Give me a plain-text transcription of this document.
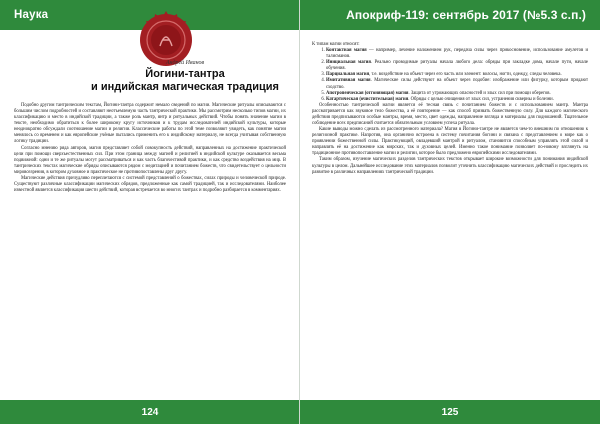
Наука
Андрей Иванов
Йогини-тантра
и индийская магическая традиция

Подобно другим тантрическим текстам, Йогини-тантра содержит немало сведений по магии. Магические ритуалы описываются с большим числом подробностей и составляют неотъемлемую часть тантрической практики. Мы рассмотрим несколько типов магии, их классификацию и место в индийской традиции, а также роль мантр, янтр и ритуальных действий. Чтобы понять значение магии в тексте, необходимо обратиться к более широкому кругу источников и к трудам исследователей индийской культуры, которые неоднократно обсуждали соотношение магии и религии. Классические работы по этой теме позволяют увидеть, как понятие магии менялось со временем и как европейские учёные пытались применить его к индийскому материалу, не всегда учитывая собственную логику традиции.

Согласно мнению ряда авторов, магия представляет собой совокупность действий, направленных на достижение практической цели при помощи сверхъестественных сил. При этом граница между магией и религией в индийской культуре оказывается весьма подвижной: одни и те же ритуалы могут рассматриваться и как часть благочестивой практики, и как средство воздействия на мир. В тантрических текстах магические обряды описываются рядом с медитацией и почитанием божеств, что свидетельствует о цельности мировоззрения, в котором духовное и практическое не противопоставлены друг другу.

Магические действия причудливо переплетаются с системой представлений о божествах, силах природы и человеческой природе. Существуют различные классификации магических обрядов, предложенные как самой традицией, так и исследователями. Наиболее известной является классификация шести действий, которая встречается во многих тантрах и подробно разбирается в комментариях.

124
Апокриф-119: сентябрь 2017 (№5.3 с.п.)

К типам магии относят:

1. Контактная магия — например, лечение наложением рук, передача силы через прикосновение, использование амулетов и талисманов.
2. Инициальная магия. Реально проводимые ритуалы начала любого дела: обряды при закладке дома, начале пути, начале обучения.
3. Парциальная магия, т.е. воздействие на объект через его часть или элемент: волосы, ногти, одежду, следы человека.
4. Имитативная магия. Магические силы действуют на объект через подобие: изображение или фигурку, которым придают сходство.
5. Апотропеическая (отгоняющая) магия. Защита от угрожающих опасностей и злых сил при помощи оберегов.
6. Катартическая (очистительная) магия. Обряды с целью очищения от злых сил, устранения скверны и болезни.

Особенностью тантрической магии является её тесная связь с почитанием божеств и с использованием мантр. Мантра рассматривается как звуковое тело божества, а её повторение — как способ призвать божественную силу. Для каждого магического действия предписываются особые мантры, время, место, цвет одежды, направление взгляда и материалы для подношений. Тщательное соблюдение всех предписаний считается обязательным условием успеха ритуала.

Какие выводы можно сделать из рассмотренного материала? Магия в Йогини-тантре не является чем-то внешним по отношению к религиозной практике. Напротив, она органично встроена в систему почитания богини и связана с представлением о мире как о проявлении божественной силы. Практикующий, овладевший мантрой и ритуалом, становится способным управлять этой силой и направлять её на достижение как мирских, так и духовных целей. Именно такое понимание позволяет по-новому взглянуть на традиционное противопоставление магии и религии, которое было предложено европейскими исследователями.

Таким образом, изучение магических разделов тантрических текстов открывает широкие возможности для понимания индийской культуры в целом. Дальнейшее исследование этих материалов позволит уточнить классификацию магических действий и проследить их развитие в различных направлениях тантрической традиции.

125
